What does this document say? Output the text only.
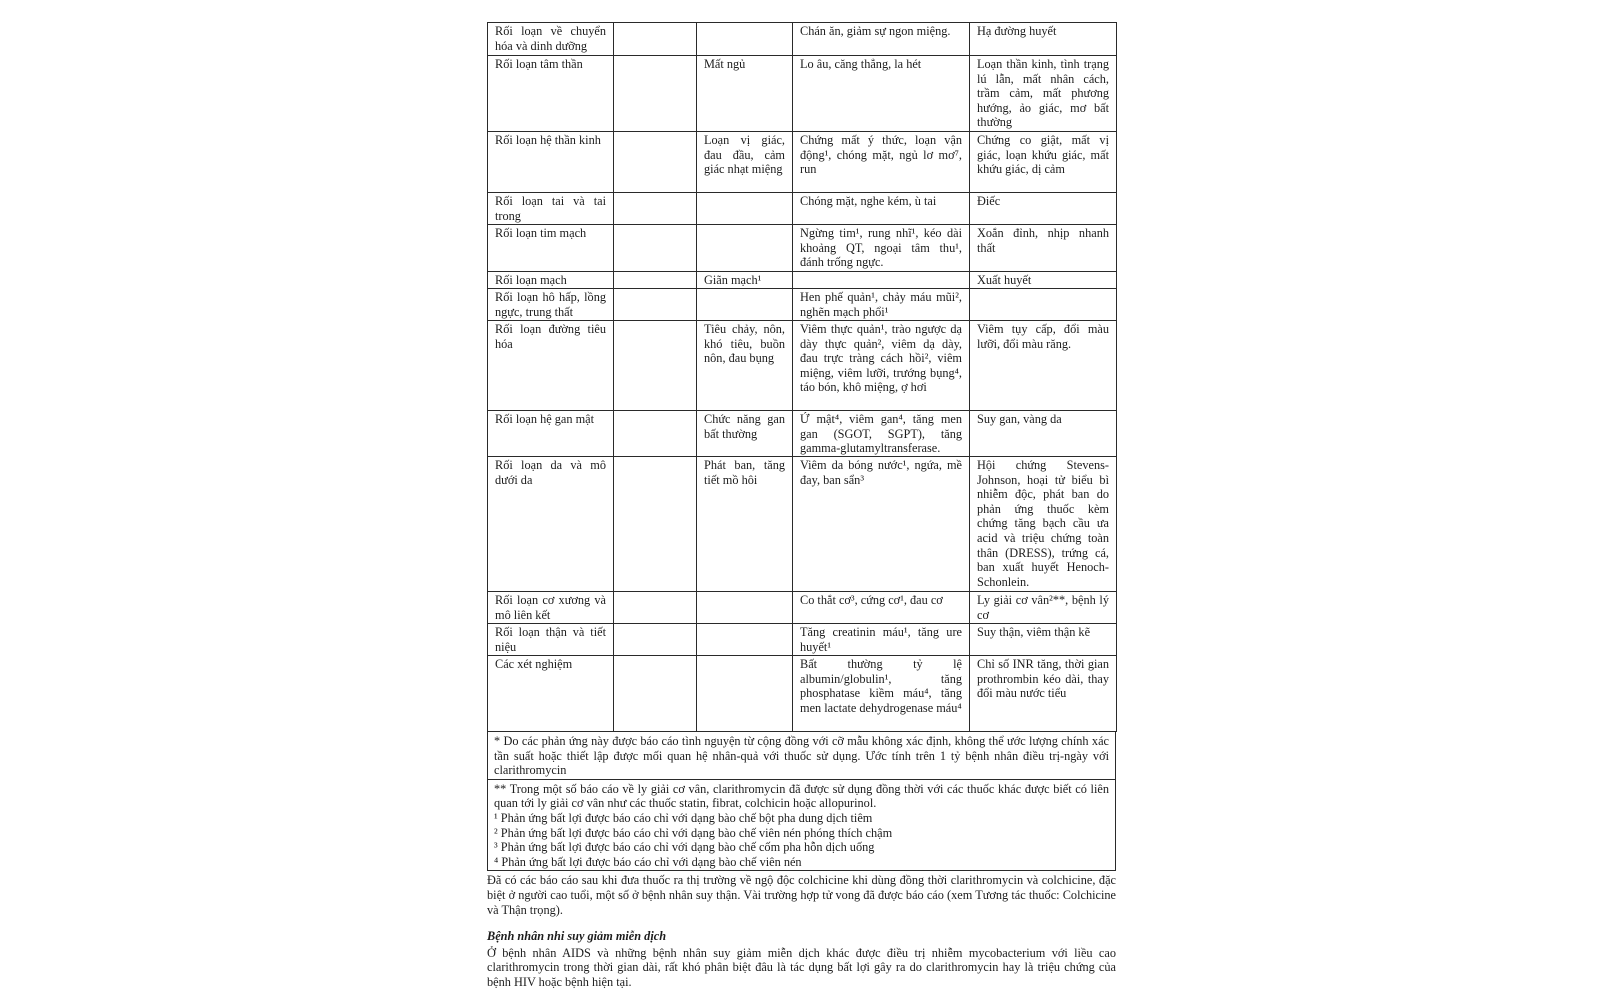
Rối loạn về chuyển hóa và dinh dưỡng			Chán ăn, giảm sự ngon miệng.	Hạ đường huyết
Rối loạn tâm thần		Mất ngủ	Lo âu, căng thẳng, la hét	Loạn thần kinh, tình trạng lú lẫn, mất nhân cách, trầm cảm, mất phương hướng, ảo giác, mơ bất thường
Rối loạn hệ thần kinh		Loạn vị giác, đau đầu, cảm giác nhạt miệng	Chứng mất ý thức, loạn vận động¹, chóng mặt, ngủ lơ mơ⁷, run	Chứng co giật, mất vị giác, loạn khứu giác, mất khứu giác, dị cảm
Rối loạn tai và tai trong			Chóng mặt, nghe kém, ù tai	Điếc
Rối loạn tim mạch			Ngừng tim¹, rung nhĩ¹, kéo dài khoảng QT, ngoại tâm thu¹, đánh trống ngực.	Xoắn đỉnh, nhịp nhanh thất
Rối loạn mạch		Giãn mạch¹		Xuất huyết
Rối loạn hô hấp, lồng ngực, trung thất			Hen phế quản¹, chảy máu mũi², nghẽn mạch phổi¹	
Rối loạn đường tiêu hóa		Tiêu chảy, nôn, khó tiêu, buồn nôn, đau bụng	Viêm thực quản¹, trào ngược dạ dày thực quản², viêm dạ dày, đau trực tràng cách hồi², viêm miệng, viêm lưỡi, trướng bụng⁴, táo bón, khô miệng, ợ hơi	Viêm tụy cấp, đổi màu lưỡi, đổi màu răng.
Rối loạn hệ gan mật		Chức năng gan bất thường	Ứ mật⁴, viêm gan⁴, tăng men gan (SGOT, SGPT), tăng gamma-glutamyltransferase.	Suy gan, vàng da
Rối loạn da và mô dưới da		Phát ban, tăng tiết mồ hôi	Viêm da bóng nước¹, ngứa, mề đay, ban sẩn³	Hội chứng Stevens-Johnson, hoại tử biểu bì nhiễm độc, phát ban do phản ứng thuốc kèm chứng tăng bạch cầu ưa acid và triệu chứng toàn thân (DRESS), trứng cá, ban xuất huyết Henoch-Schonlein.
Rối loạn cơ xương và mô liên kết			Co thắt cơ³, cứng cơ¹, đau cơ	Ly giải cơ vân²**, bệnh lý cơ
Rối loạn thận và tiết niệu			Tăng creatinin máu¹, tăng ure huyết¹	Suy thận, viêm thận kẽ
Các xét nghiệm			Bất thường tỷ lệ albumin/globulin¹, tăng phosphatase kiềm máu⁴, tăng men lactate dehydrogenase máu⁴	Chỉ số INR tăng, thời gian prothrombin kéo dài, thay đổi màu nước tiểu
* Do các phản ứng này được báo cáo tình nguyện từ cộng đồng với cỡ mẫu không xác định, không thể ước lượng chính xác tần suất hoặc thiết lập được mối quan hệ nhân-quả với thuốc sử dụng. Ước tính trên 1 tỷ bệnh nhân điều trị-ngày với clarithromycin

** Trong một số báo cáo về ly giải cơ vân, clarithromycin đã được sử dụng đồng thời với các thuốc khác được biết có liên quan tới ly giải cơ vân như các thuốc statin, fibrat, colchicin hoặc allopurinol.
¹ Phản ứng bất lợi được báo cáo chỉ với dạng bào chế bột pha dung dịch tiêm
² Phản ứng bất lợi được báo cáo chỉ với dạng bào chế viên nén phóng thích chậm
³ Phản ứng bất lợi được báo cáo chỉ với dạng bào chế cốm pha hỗn dịch uống
⁴ Phản ứng bất lợi được báo cáo chỉ với dạng bào chế viên nén
Đã có các báo cáo sau khi đưa thuốc ra thị trường về ngộ độc colchicine khi dùng đồng thời clarithromycin và colchicine, đặc biệt ở người cao tuổi, một số ở bệnh nhân suy thận. Vài trường hợp tử vong đã được báo cáo (xem Tương tác thuốc: Colchicine và Thận trọng).
Bệnh nhân nhi suy giảm miễn dịch
Ở bệnh nhân AIDS và những bệnh nhân suy giảm miễn dịch khác được điều trị nhiễm mycobacterium với liều cao clarithromycin trong thời gian dài, rất khó phân biệt đâu là tác dụng bất lợi gây ra do clarithromycin hay là triệu chứng của bệnh HIV hoặc bệnh hiện tại.
